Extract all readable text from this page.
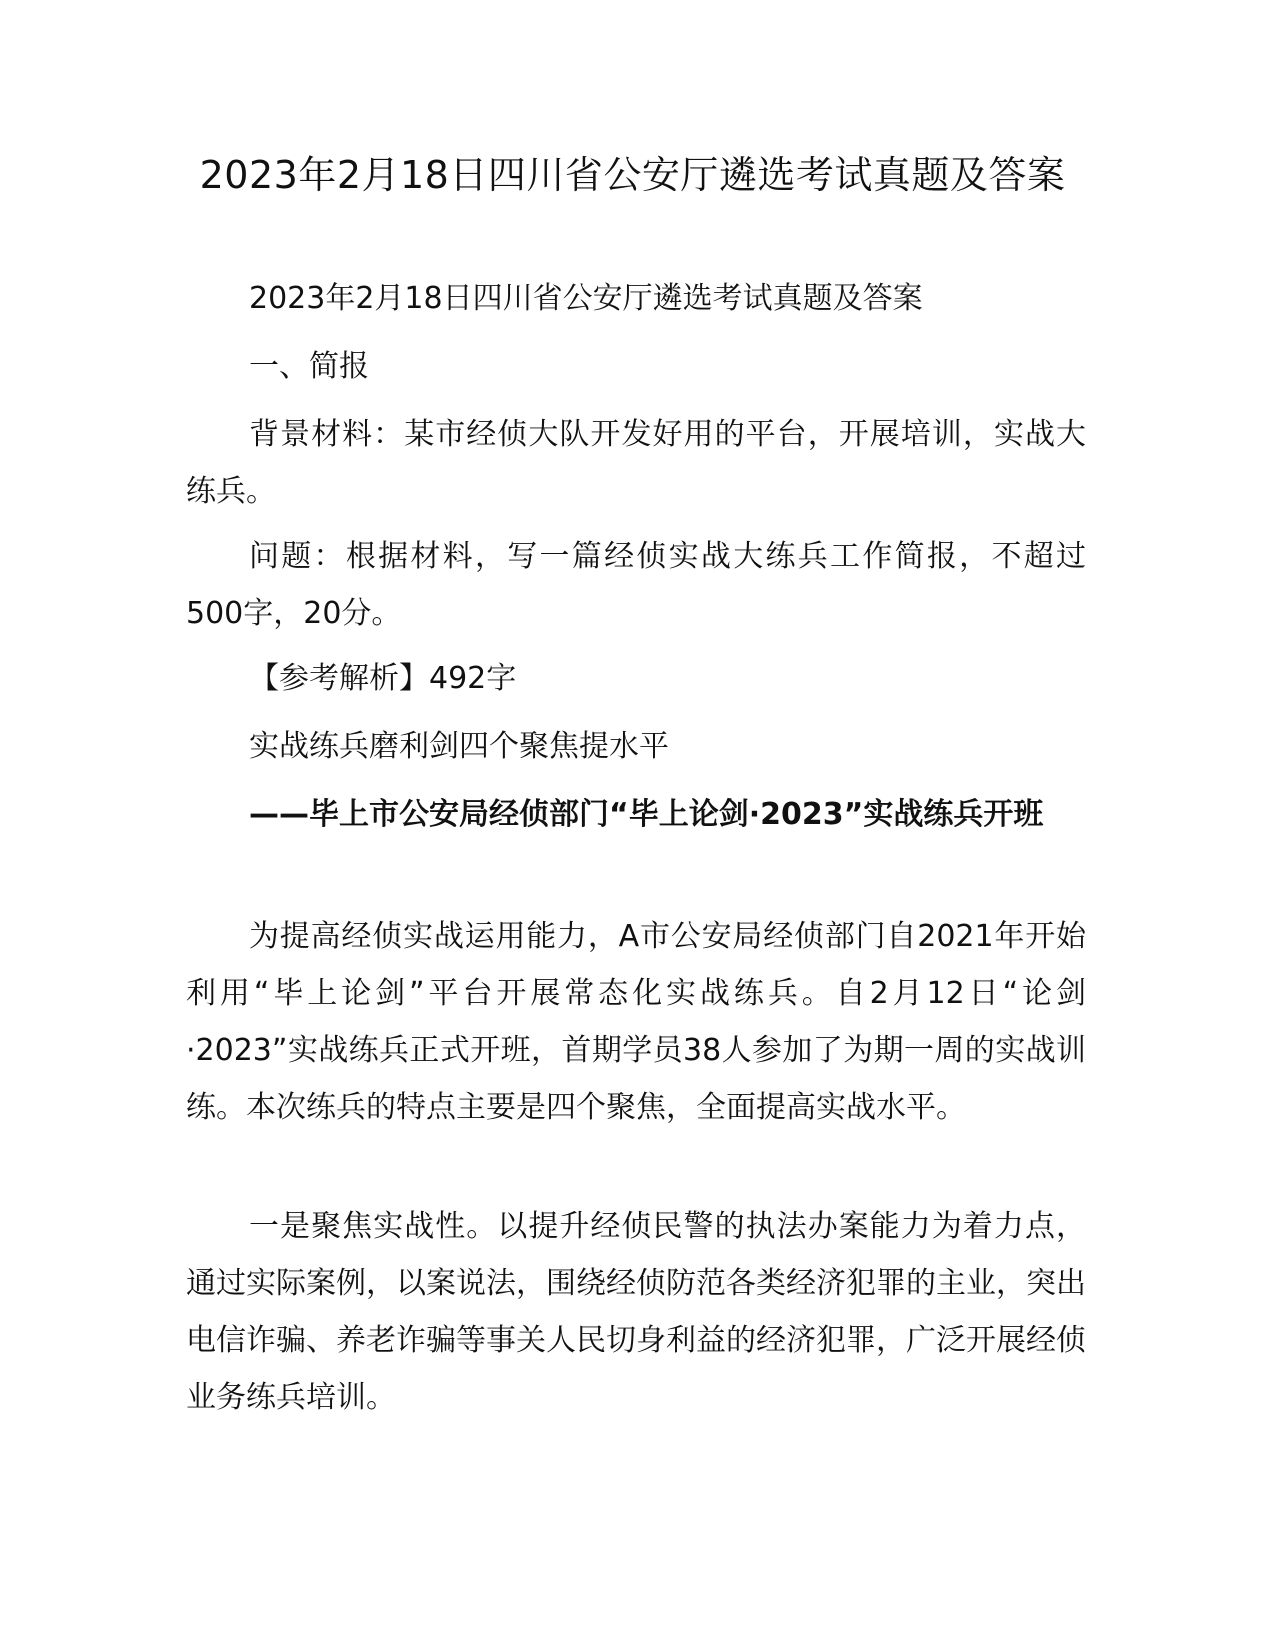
2023年2月18日四川省公安厅遴选考试真题及答案

2023年2月18日四川省公安厅遴选考试真题及答案

一、简报

背景材料：某市经侦大队开发好用的平台，开展培训，实战大练兵。

问题：根据材料，写一篇经侦实战大练兵工作简报，不超过500字，20分。

【参考解析】492字

实战练兵磨利剑四个聚焦提水平

——毕上市公安局经侦部门“毕上论剑·2023”实战练兵开班

为提高经侦实战运用能力，A市公安局经侦部门自2021年开始利用“毕上论剑”平台开展常态化实战练兵。自2月12日“论剑·2023”实战练兵正式开班，首期学员38人参加了为期一周的实战训练。本次练兵的特点主要是四个聚焦，全面提高实战水平。

一是聚焦实战性。以提升经侦民警的执法办案能力为着力点，通过实际案例，以案说法，围绕经侦防范各类经济犯罪的主业，突出电信诈骗、养老诈骗等事关人民切身利益的经济犯罪，广泛开展经侦业务练兵培训。
